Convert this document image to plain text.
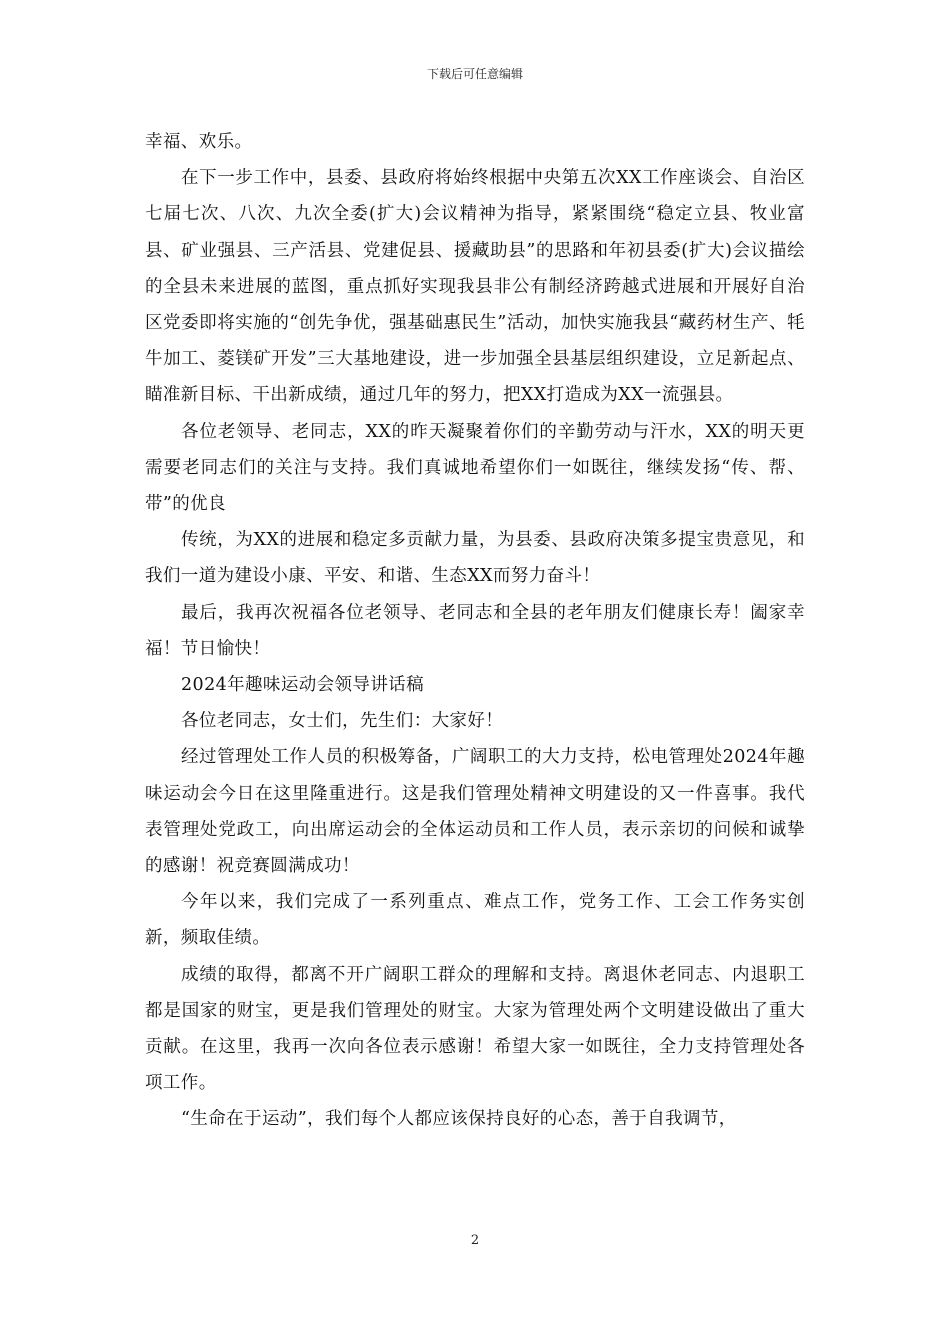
下载后可任意编辑

幸福、欢乐。

在下一步工作中，县委、县政府将始终根据中央第五次XX工作座谈会、自治区七届七次、八次、九次全委(扩大)会议精神为指导，紧紧围绕“稳定立县、牧业富县、矿业强县、三产活县、党建促县、援藏助县”的思路和年初县委(扩大)会议描绘的全县未来进展的蓝图，重点抓好实现我县非公有制经济跨越式进展和开展好自治区党委即将实施的“创先争优，强基础惠民生”活动，加快实施我县“藏药材生产、牦牛加工、菱镁矿开发”三大基地建设，进一步加强全县基层组织建设，立足新起点、瞄准新目标、干出新成绩，通过几年的努力，把XX打造成为XX一流强县。

各位老领导、老同志，XX的昨天凝聚着你们的辛勤劳动与汗水，XX的明天更需要老同志们的关注与支持。我们真诚地希望你们一如既往，继续发扬“传、帮、带”的优良

传统，为XX的进展和稳定多贡献力量，为县委、县政府决策多提宝贵意见，和我们一道为建设小康、平安、和谐、生态XX而努力奋斗！

最后，我再次祝福各位老领导、老同志和全县的老年朋友们健康长寿！阖家幸福！节日愉快！

2024年趣味运动会领导讲话稿

各位老同志，女士们，先生们：大家好！

经过管理处工作人员的积极筹备，广阔职工的大力支持，松电管理处2024年趣味运动会今日在这里隆重进行。这是我们管理处精神文明建设的又一件喜事。我代表管理处党政工，向出席运动会的全体运动员和工作人员，表示亲切的问候和诚挚的感谢！祝竞赛圆满成功！

今年以来，我们完成了一系列重点、难点工作，党务工作、工会工作务实创新，频取佳绩。

成绩的取得，都离不开广阔职工群众的理解和支持。离退休老同志、内退职工都是国家的财宝，更是我们管理处的财宝。大家为管理处两个文明建设做出了重大贡献。在这里，我再一次向各位表示感谢！希望大家一如既往，全力支持管理处各项工作。

“生命在于运动”，我们每个人都应该保持良好的心态，善于自我调节，

2
